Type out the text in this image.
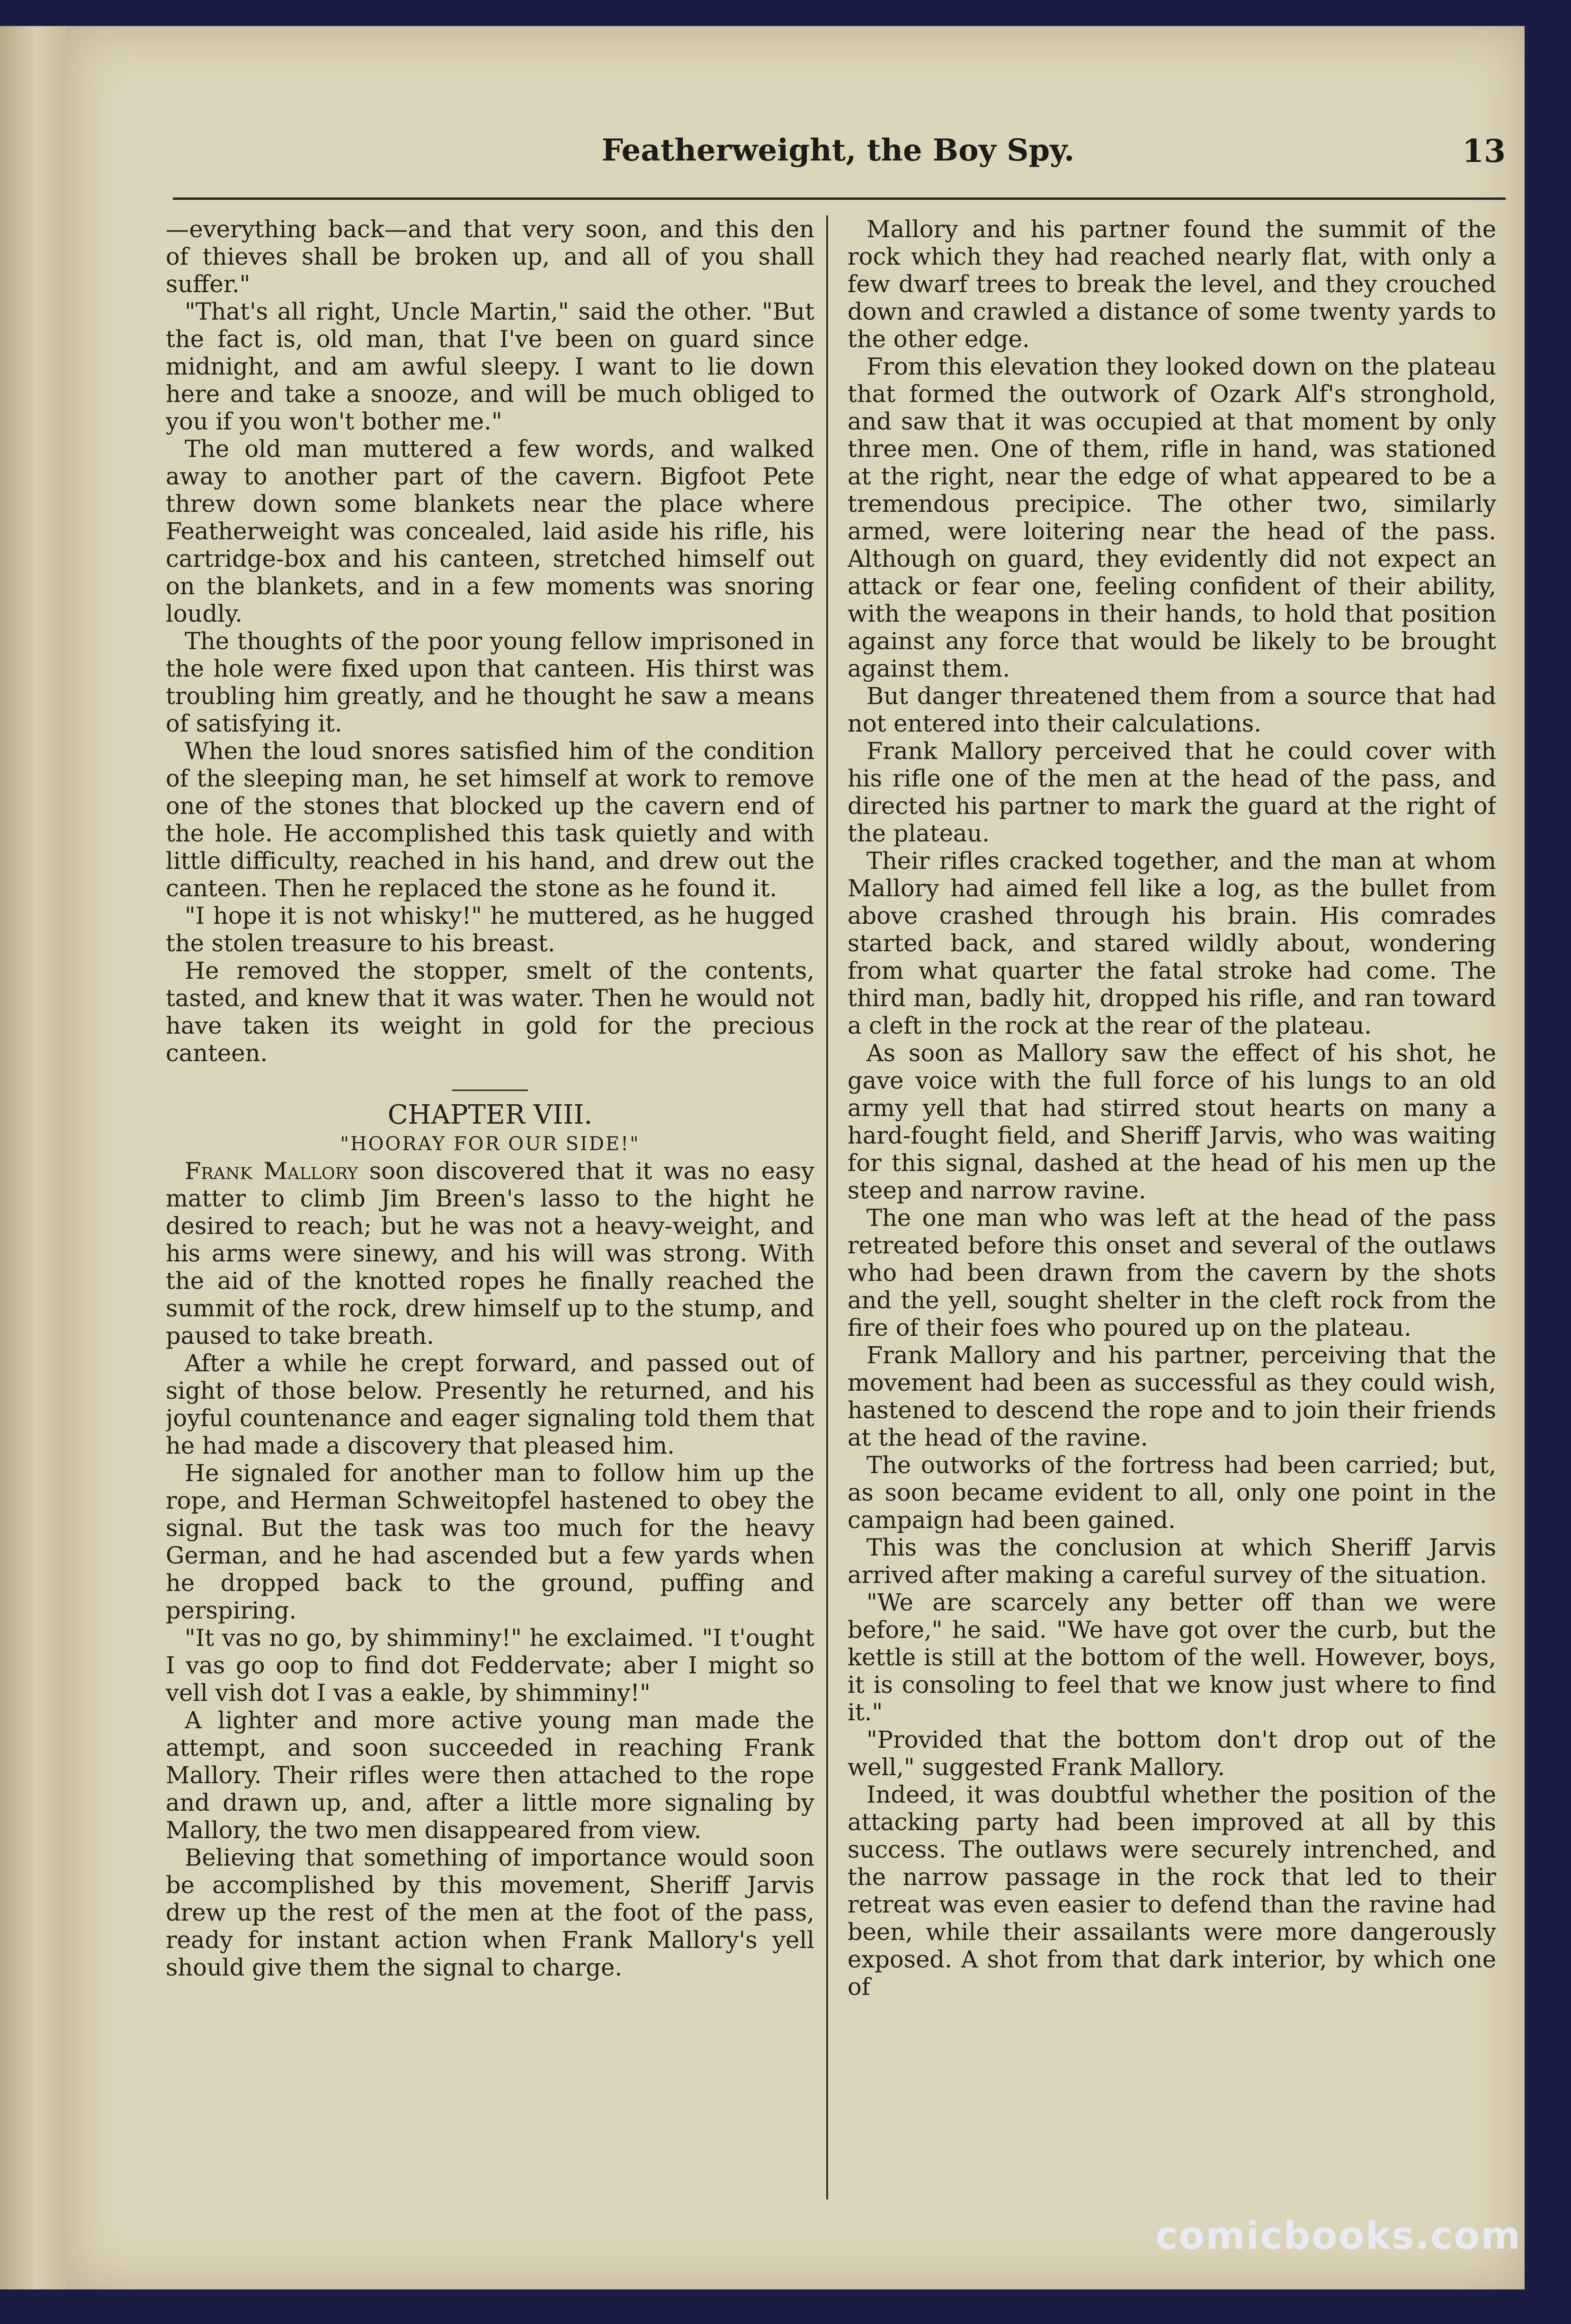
Featherweight, the Boy Spy.	13

—everything back—and that very soon, and this den of thieves shall be broken up, and all of you shall suffer."

"That's all right, Uncle Martin," said the other. "But the fact is, old man, that I've been on guard since midnight, and am awful sleepy. I want to lie down here and take a snooze, and will be much obliged to you if you won't bother me."

The old man muttered a few words, and walked away to another part of the cavern. Bigfoot Pete threw down some blankets near the place where Featherweight was concealed, laid aside his rifle, his cartridge-box and his canteen, stretched himself out on the blankets, and in a few moments was snoring loudly.

The thoughts of the poor young fellow imprisoned in the hole were fixed upon that canteen. His thirst was troubling him greatly, and he thought he saw a means of satisfying it.

When the loud snores satisfied him of the condition of the sleeping man, he set himself at work to remove one of the stones that blocked up the cavern end of the hole. He accomplished this task quietly and with little difficulty, reached in his hand, and drew out the canteen. Then he replaced the stone as he found it.

"I hope it is not whisky!" he muttered, as he hugged the stolen treasure to his breast.

He removed the stopper, smelt of the contents, tasted, and knew that it was water. Then he would not have taken its weight in gold for the precious canteen.

CHAPTER VIII.
"HOORAY FOR OUR SIDE!"

Frank Mallory soon discovered that it was no easy matter to climb Jim Breen's lasso to the hight he desired to reach; but he was not a heavy-weight, and his arms were sinewy, and his will was strong. With the aid of the knotted ropes he finally reached the summit of the rock, drew himself up to the stump, and paused to take breath.

After a while he crept forward, and passed out of sight of those below. Presently he returned, and his joyful countenance and eager signaling told them that he had made a discovery that pleased him.

He signaled for another man to follow him up the rope, and Herman Schweitopfel hastened to obey the signal. But the task was too much for the heavy German, and he had ascended but a few yards when he dropped back to the ground, puffing and perspiring.

"It vas no go, by shimminy!" he exclaimed. "I t'ought I vas go oop to find dot Feddervate; aber I might so vell vish dot I vas a eakle, by shimminy!"

A lighter and more active young man made the attempt, and soon succeeded in reaching Frank Mallory. Their rifles were then attached to the rope and drawn up, and, after a little more signaling by Mallory, the two men disappeared from view.

Believing that something of importance would soon be accomplished by this movement, Sheriff Jarvis drew up the rest of the men at the foot of the pass, ready for instant action when Frank Mallory's yell should give them the signal to charge.

Mallory and his partner found the summit of the rock which they had reached nearly flat, with only a few dwarf trees to break the level, and they crouched down and crawled a distance of some twenty yards to the other edge.

From this elevation they looked down on the plateau that formed the outwork of Ozark Alf's stronghold, and saw that it was occupied at that moment by only three men. One of them, rifle in hand, was stationed at the right, near the edge of what appeared to be a tremendous precipice. The other two, similarly armed, were loitering near the head of the pass. Although on guard, they evidently did not expect an attack or fear one, feeling confident of their ability, with the weapons in their hands, to hold that position against any force that would be likely to be brought against them.

But danger threatened them from a source that had not entered into their calculations.

Frank Mallory perceived that he could cover with his rifle one of the men at the head of the pass, and directed his partner to mark the guard at the right of the plateau.

Their rifles cracked together, and the man at whom Mallory had aimed fell like a log, as the bullet from above crashed through his brain. His comrades started back, and stared wildly about, wondering from what quarter the fatal stroke had come. The third man, badly hit, dropped his rifle, and ran toward a cleft in the rock at the rear of the plateau.

As soon as Mallory saw the effect of his shot, he gave voice with the full force of his lungs to an old army yell that had stirred stout hearts on many a hard-fought field, and Sheriff Jarvis, who was waiting for this signal, dashed at the head of his men up the steep and narrow ravine.

The one man who was left at the head of the pass retreated before this onset and several of the outlaws who had been drawn from the cavern by the shots and the yell, sought shelter in the cleft rock from the fire of their foes who poured up on the plateau.

Frank Mallory and his partner, perceiving that the movement had been as successful as they could wish, hastened to descend the rope and to join their friends at the head of the ravine.

The outworks of the fortress had been carried; but, as soon became evident to all, only one point in the campaign had been gained.

This was the conclusion at which Sheriff Jarvis arrived after making a careful survey of the situation.

"We are scarcely any better off than we were before," he said. "We have got over the curb, but the kettle is still at the bottom of the well. However, boys, it is consoling to feel that we know just where to find it."

"Provided that the bottom don't drop out of the well," suggested Frank Mallory.

Indeed, it was doubtful whether the position of the attacking party had been improved at all by this success. The outlaws were securely intrenched, and the narrow passage in the rock that led to their retreat was even easier to defend than the ravine had been, while their assailants were more dangerously exposed. A shot from that dark interior, by which one of

comicbooks.com
